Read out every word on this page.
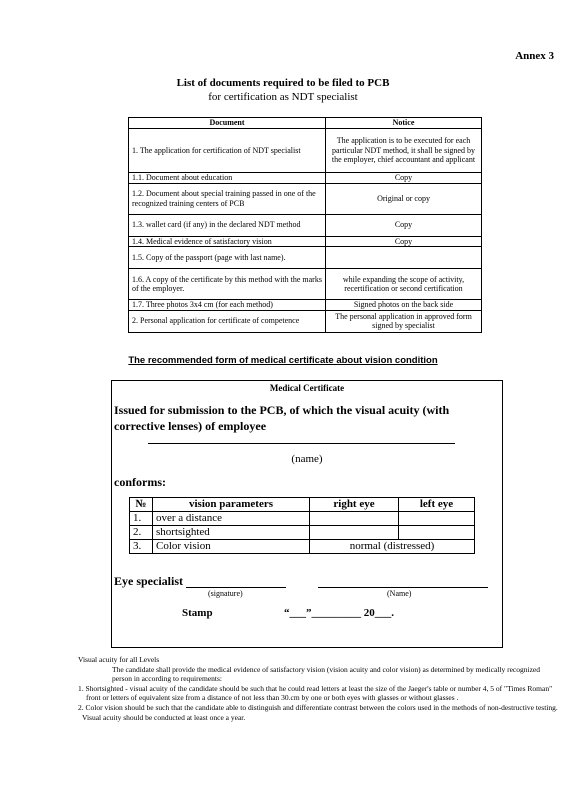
Annex 3
List of documents required to be filed to PCB
for certification as NDT specialist
Document	Notice
1. The application for certification of NDT specialist	The application is to be executed for each particular NDT method, it shall be signed by the employer, chief accountant and applicant
1.1. Document about education	Copy
1.2. Document about special training passed in one of the recognized training centers of PCB	Original or copy
1.3. wallet card (if any) in the declared NDT method	Copy
1.4. Medical evidence of satisfactory vision	Copy
1.5. Copy of the passport (page with last name).	
1.6. A copy of the certificate by this method with the marks of the employer.	while expanding the scope of activity, recertification or second certification
1.7. Three photos 3x4 cm (for each method)	Signed photos on the back side
2. Personal application for certificate of competence	The personal application in approved form signed by specialist
The recommended form of medical certificate about vision condition
Medical Certificate
Issued for submission to the PCB, of which the visual acuity (with corrective lenses) of employee
(name)
conforms:
№	vision parameters	right eye	left eye
1.	over a distance		
2.	shortsighted		
3.	Color vision	normal (distressed)	
Eye specialist
(signature)	(Name)
Stamp	“___”_________ 20___.

Visual acuity for all Levels

The candidate shall provide the medical evidence of satisfactory vision (vision acuity and color vision) as determined by medically recognized person in according to requirements:

1. Shortsighted - visual acuity of the candidate should be such that he could read letters at least the size of the Jaeger's table or number 4, 5 of "Times Roman" front or letters of equivalent size from a distance of not less than 30.cm by one or both eyes with glasses or without glasses .

2. Color vision should be such that the candidate able to distinguish and differentiate contrast between the colors used in the methods of non-destructive testing.

Visual acuity should be conducted at least once a year.
